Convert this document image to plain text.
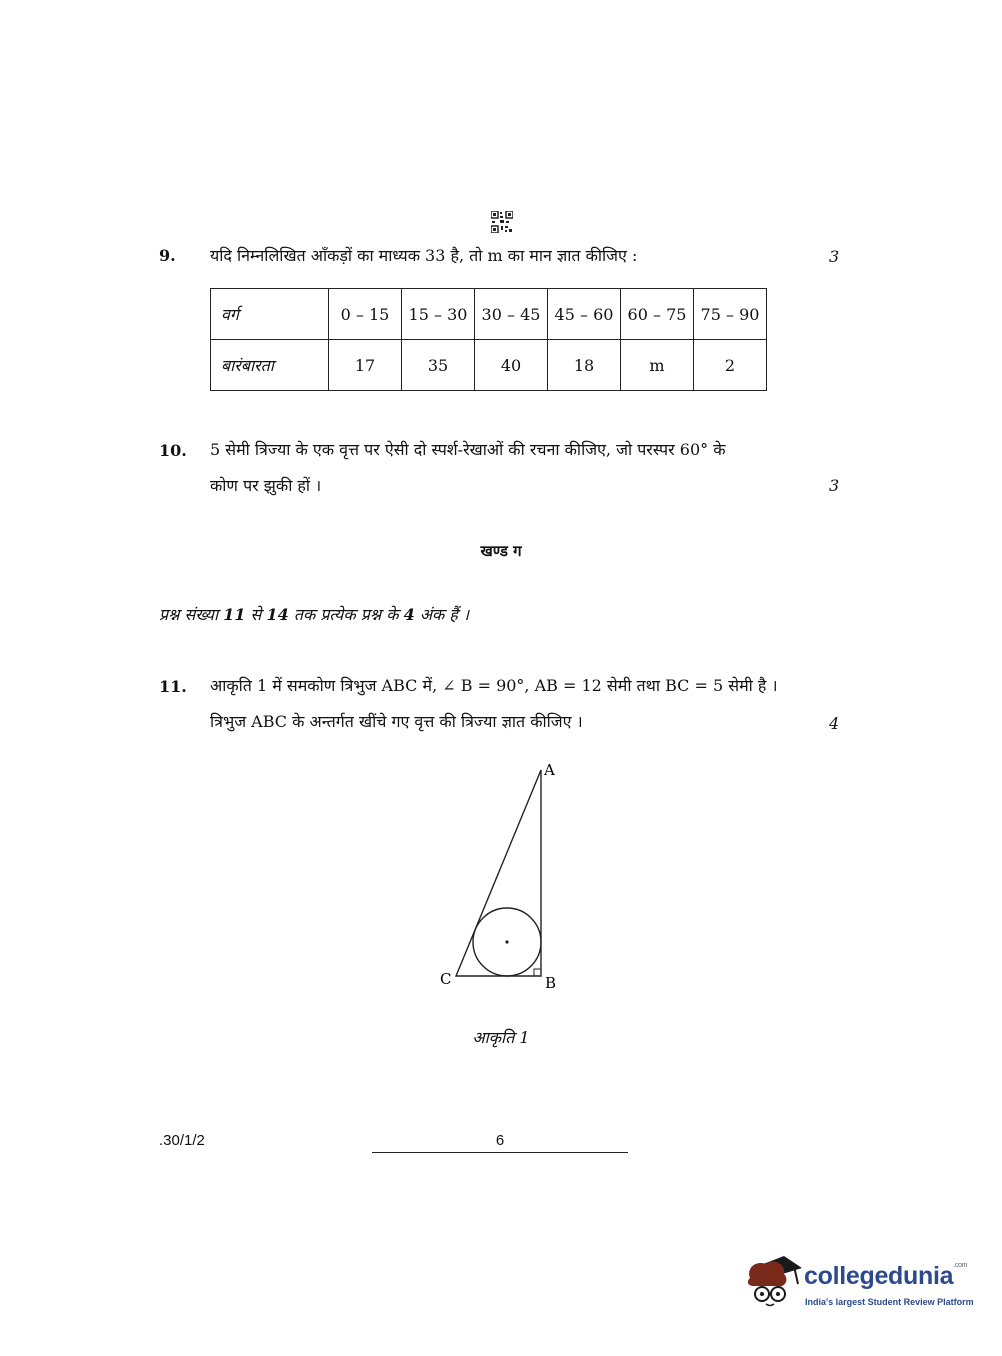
9. यदि निम्नलिखित आँकड़ों का माध्यक 33 है, तो m का मान ज्ञात कीजिए :	3
वर्ग	0 – 15	15 – 30	30 – 45	45 – 60	60 – 75	75 – 90
बारंबारता	17	35	40	18	m	2
10. 5 सेमी त्रिज्या के एक वृत्त पर ऐसी दो स्पर्श-रेखाओं की रचना कीजिए, जो परस्पर 60° के
कोण पर झुकी हों ।	3
खण्ड ग
प्रश्न संख्या 11 से 14 तक प्रत्येक प्रश्न के 4 अंक हैं ।
11. आकृति 1 में समकोण त्रिभुज ABC में, ∠ B = 90°, AB = 12 सेमी तथा BC = 5 सेमी है ।
त्रिभुज ABC के अन्तर्गत खींचे गए वृत्त की त्रिज्या ज्ञात कीजिए ।	4
A
B
C
आकृति 1
.30/1/2	6
collegedunia$^{.com}$
India's largest Student Review Platform
